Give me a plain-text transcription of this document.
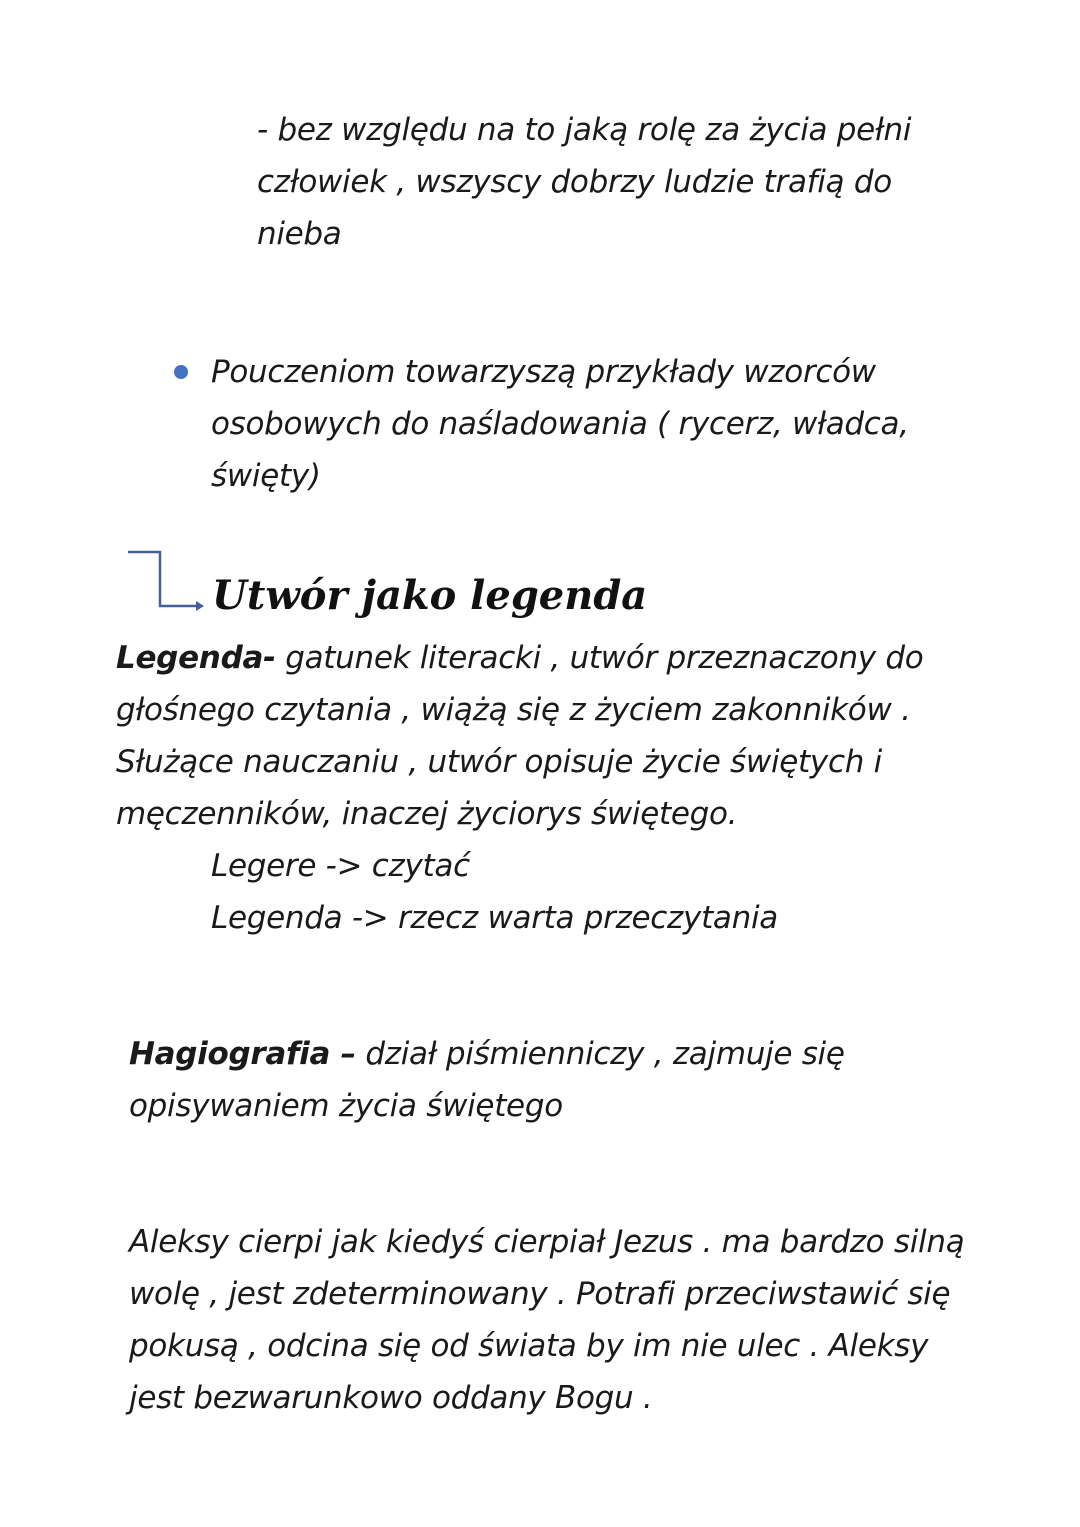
- bez względu na to jaką rolę za życia pełni
człowiek , wszyscy dobrzy ludzie trafią do
nieba
Pouczeniom towarzyszą przykłady wzorców
osobowych do naśladowania ( rycerz, władca,
święty)
Utwór jako legenda
Legenda- gatunek literacki , utwór przeznaczony do
głośnego czytania , wiążą się z życiem zakonników .
Służące nauczaniu , utwór opisuje życie świętych i
męczenników, inaczej życiorys świętego.
Legere -> czytać
Legenda -> rzecz warta przeczytania
Hagiografia – dział piśmienniczy , zajmuje się
opisywaniem życia świętego
Aleksy cierpi jak kiedyś cierpiał Jezus . ma bardzo silną
wolę , jest zdeterminowany . Potrafi przeciwstawić się
pokusą , odcina się od świata by im nie ulec . Aleksy
jest bezwarunkowo oddany Bogu .
